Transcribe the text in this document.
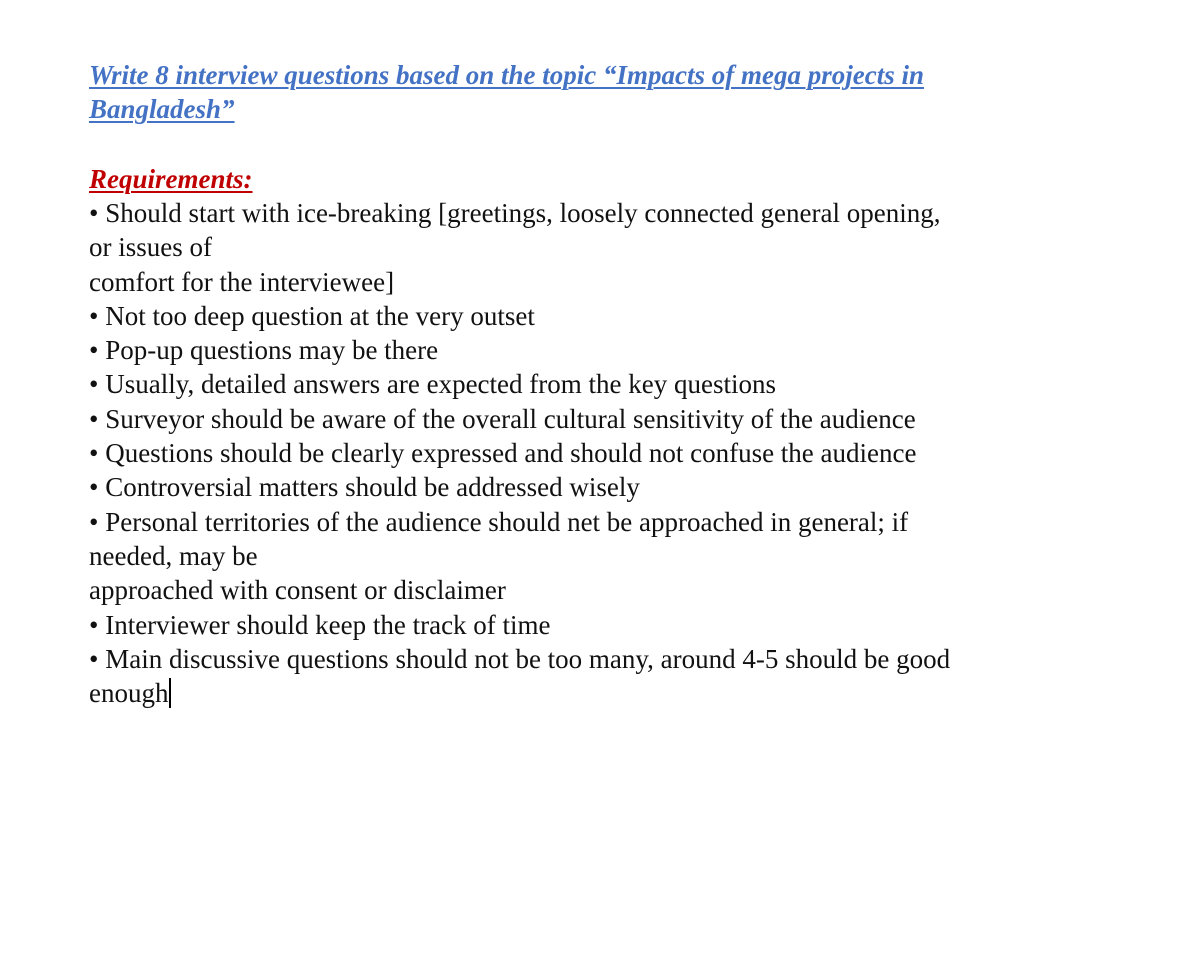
Write 8 interview questions based on the topic “Impacts of mega projects in
Bangladesh”

Requirements:

• Should start with ice-breaking [greetings, loosely connected general opening,

or issues of

comfort for the interviewee]

• Not too deep question at the very outset

• Pop-up questions may be there

• Usually, detailed answers are expected from the key questions

• Surveyor should be aware of the overall cultural sensitivity of the audience

• Questions should be clearly expressed and should not confuse the audience

• Controversial matters should be addressed wisely

• Personal territories of the audience should net be approached in general; if

needed, may be

approached with consent or disclaimer

• Interviewer should keep the track of time

• Main discussive questions should not be too many, around 4-5 should be good

enough
